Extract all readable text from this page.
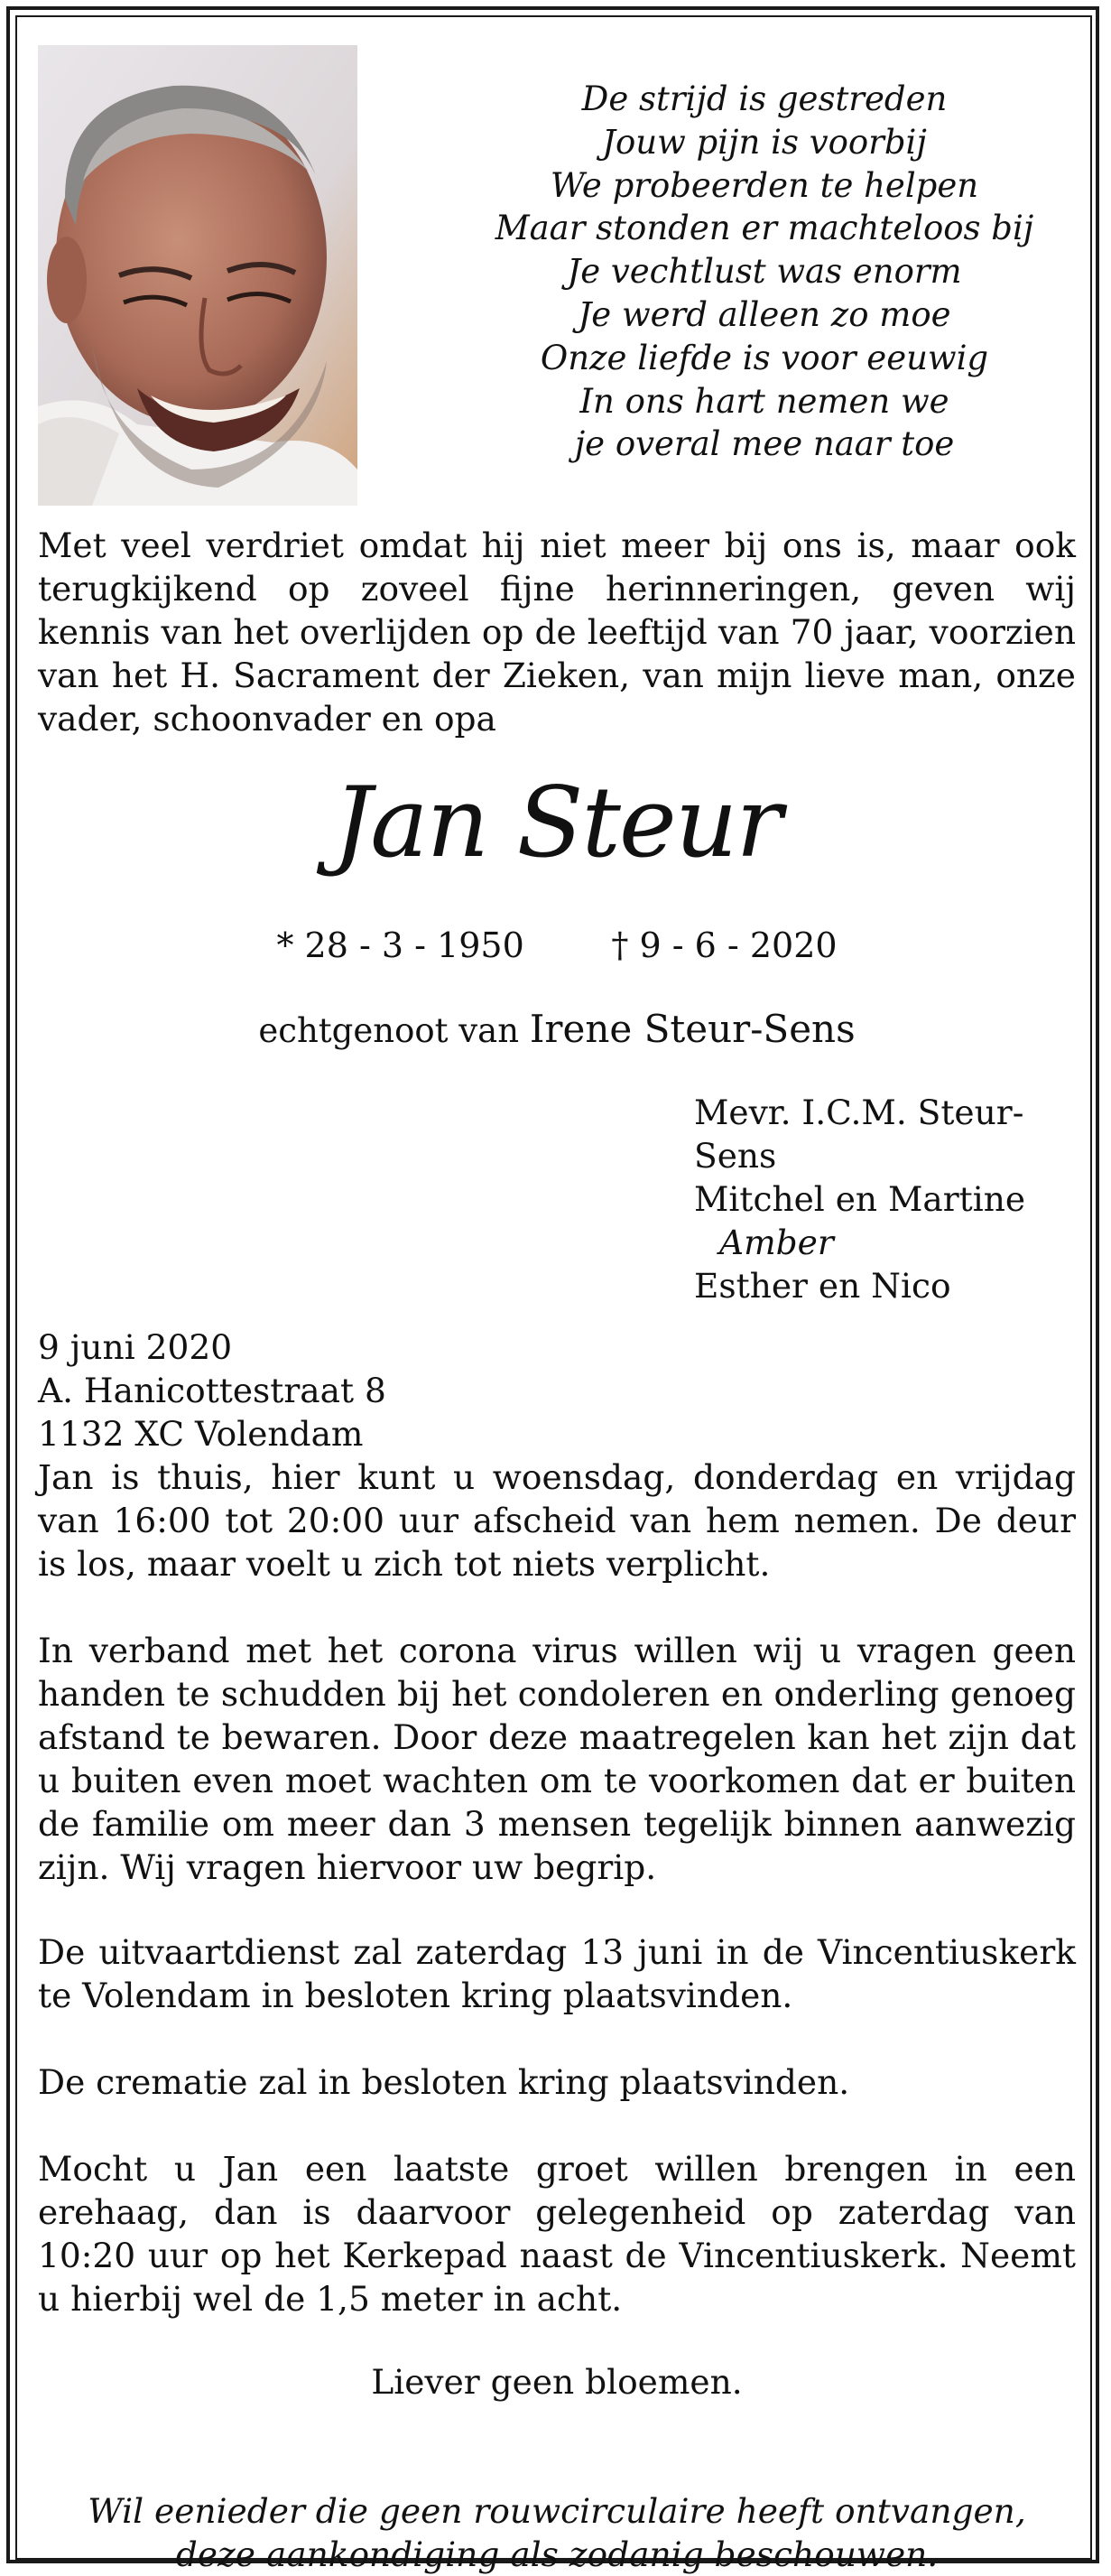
De strijd is gestreden
Jouw pijn is voorbij
We probeerden te helpen
Maar stonden er machteloos bij
Je vechtlust was enorm
Je werd alleen zo moe
Onze liefde is voor eeuwig
In ons hart nemen we
je overal mee naar toe

Met veel verdriet omdat hij niet meer bij ons is, maar ook terugkijkend op zoveel fijne herinneringen, geven wij kennis van het overlijden op de leeftijd van 70 jaar, voorzien van het H. Sacrament der Zieken, van mijn lieve man, onze vader, schoonvader en opa

Jan Steur
* 28 - 3 - 1950	† 9 - 6 - 2020
echtgenoot van Irene Steur-Sens
Mevr. I.C.M. Steur-Sens
Mitchel en Martine
Amber
Esther en Nico
9 juni 2020
A. Hanicottestraat 8
1132 XC Volendam

Jan is thuis, hier kunt u woensdag, donderdag en vrijdag van 16:00 tot 20:00 uur afscheid van hem nemen. De deur is los, maar voelt u zich tot niets verplicht.

In verband met het corona virus willen wij u vragen geen handen te schudden bij het condoleren en onderling genoeg afstand te bewaren. Door deze maatregelen kan het zijn dat u buiten even moet wachten om te voorkomen dat er buiten de familie om meer dan 3 mensen tegelijk binnen aanwezig zijn. Wij vragen hiervoor uw begrip.

De uitvaartdienst zal zaterdag 13 juni in de Vincentiuskerk te Volendam in besloten kring plaatsvinden.

De crematie zal in besloten kring plaatsvinden.

Mocht u Jan een laatste groet willen brengen in een erehaag, dan is daarvoor gelegenheid op zaterdag van 10:20 uur op het Kerkepad naast de Vincentiuskerk. Neemt u hierbij wel de 1,5 meter in acht.

Liever geen bloemen.
Wil eenieder die geen rouwcirculaire heeft ontvangen,
deze aankondiging als zodanig beschouwen.
